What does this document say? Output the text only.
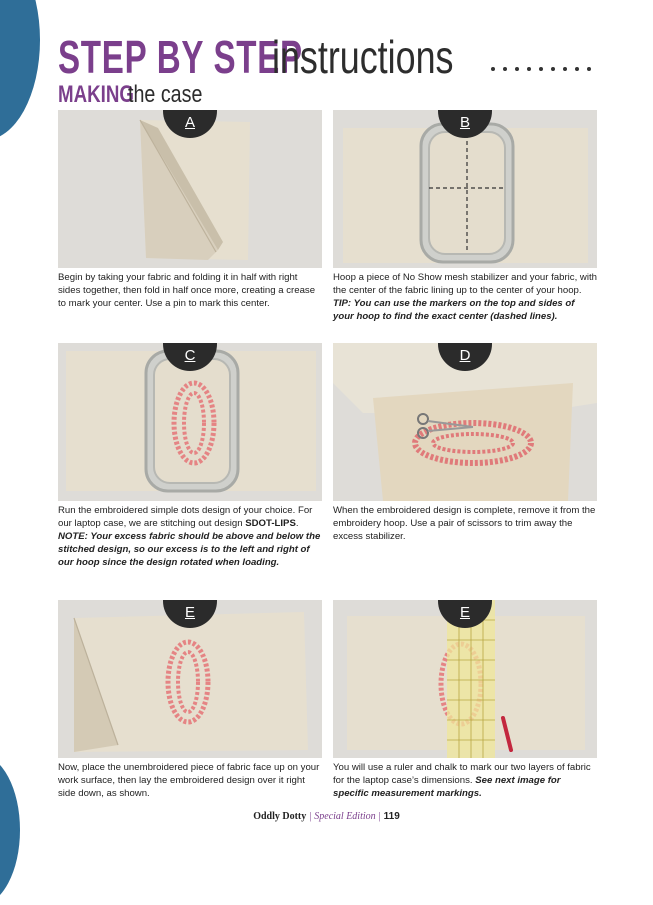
STEP BY STEP
instructions
MAKING
the case
A
Begin by taking your fabric and folding it in half with right sides together, then fold in half once more, creating a crease to mark your center. Use a pin to mark this center.
B
Hoop a piece of No Show mesh stabilizer and your fabric, with the center of the fabric lining up to the center of your hoop. TIP: You can use the markers on the top and sides of your hoop to find the exact center (dashed lines).
C
Run the embroidered simple dots design of your choice. For our laptop case, we are stitching out design SDOT-LIPS.
NOTE: Your excess fabric should be above and below the stitched design, so our excess is to the left and right of our hoop since the design rotated when loading.
D
When the embroidered design is complete, remove it from the embroidery hoop. Use a pair of scissors to trim away the excess stabilizer.
E
Now, place the unembroidered piece of fabric face up on your work surface, then lay the embroidered design over it right side down, as shown.
E
You will use a ruler and chalk to mark our two layers of fabric for the laptop case’s dimensions. See next image for specific measurement markings.
Oddly Dotty | Special Edition | 119
